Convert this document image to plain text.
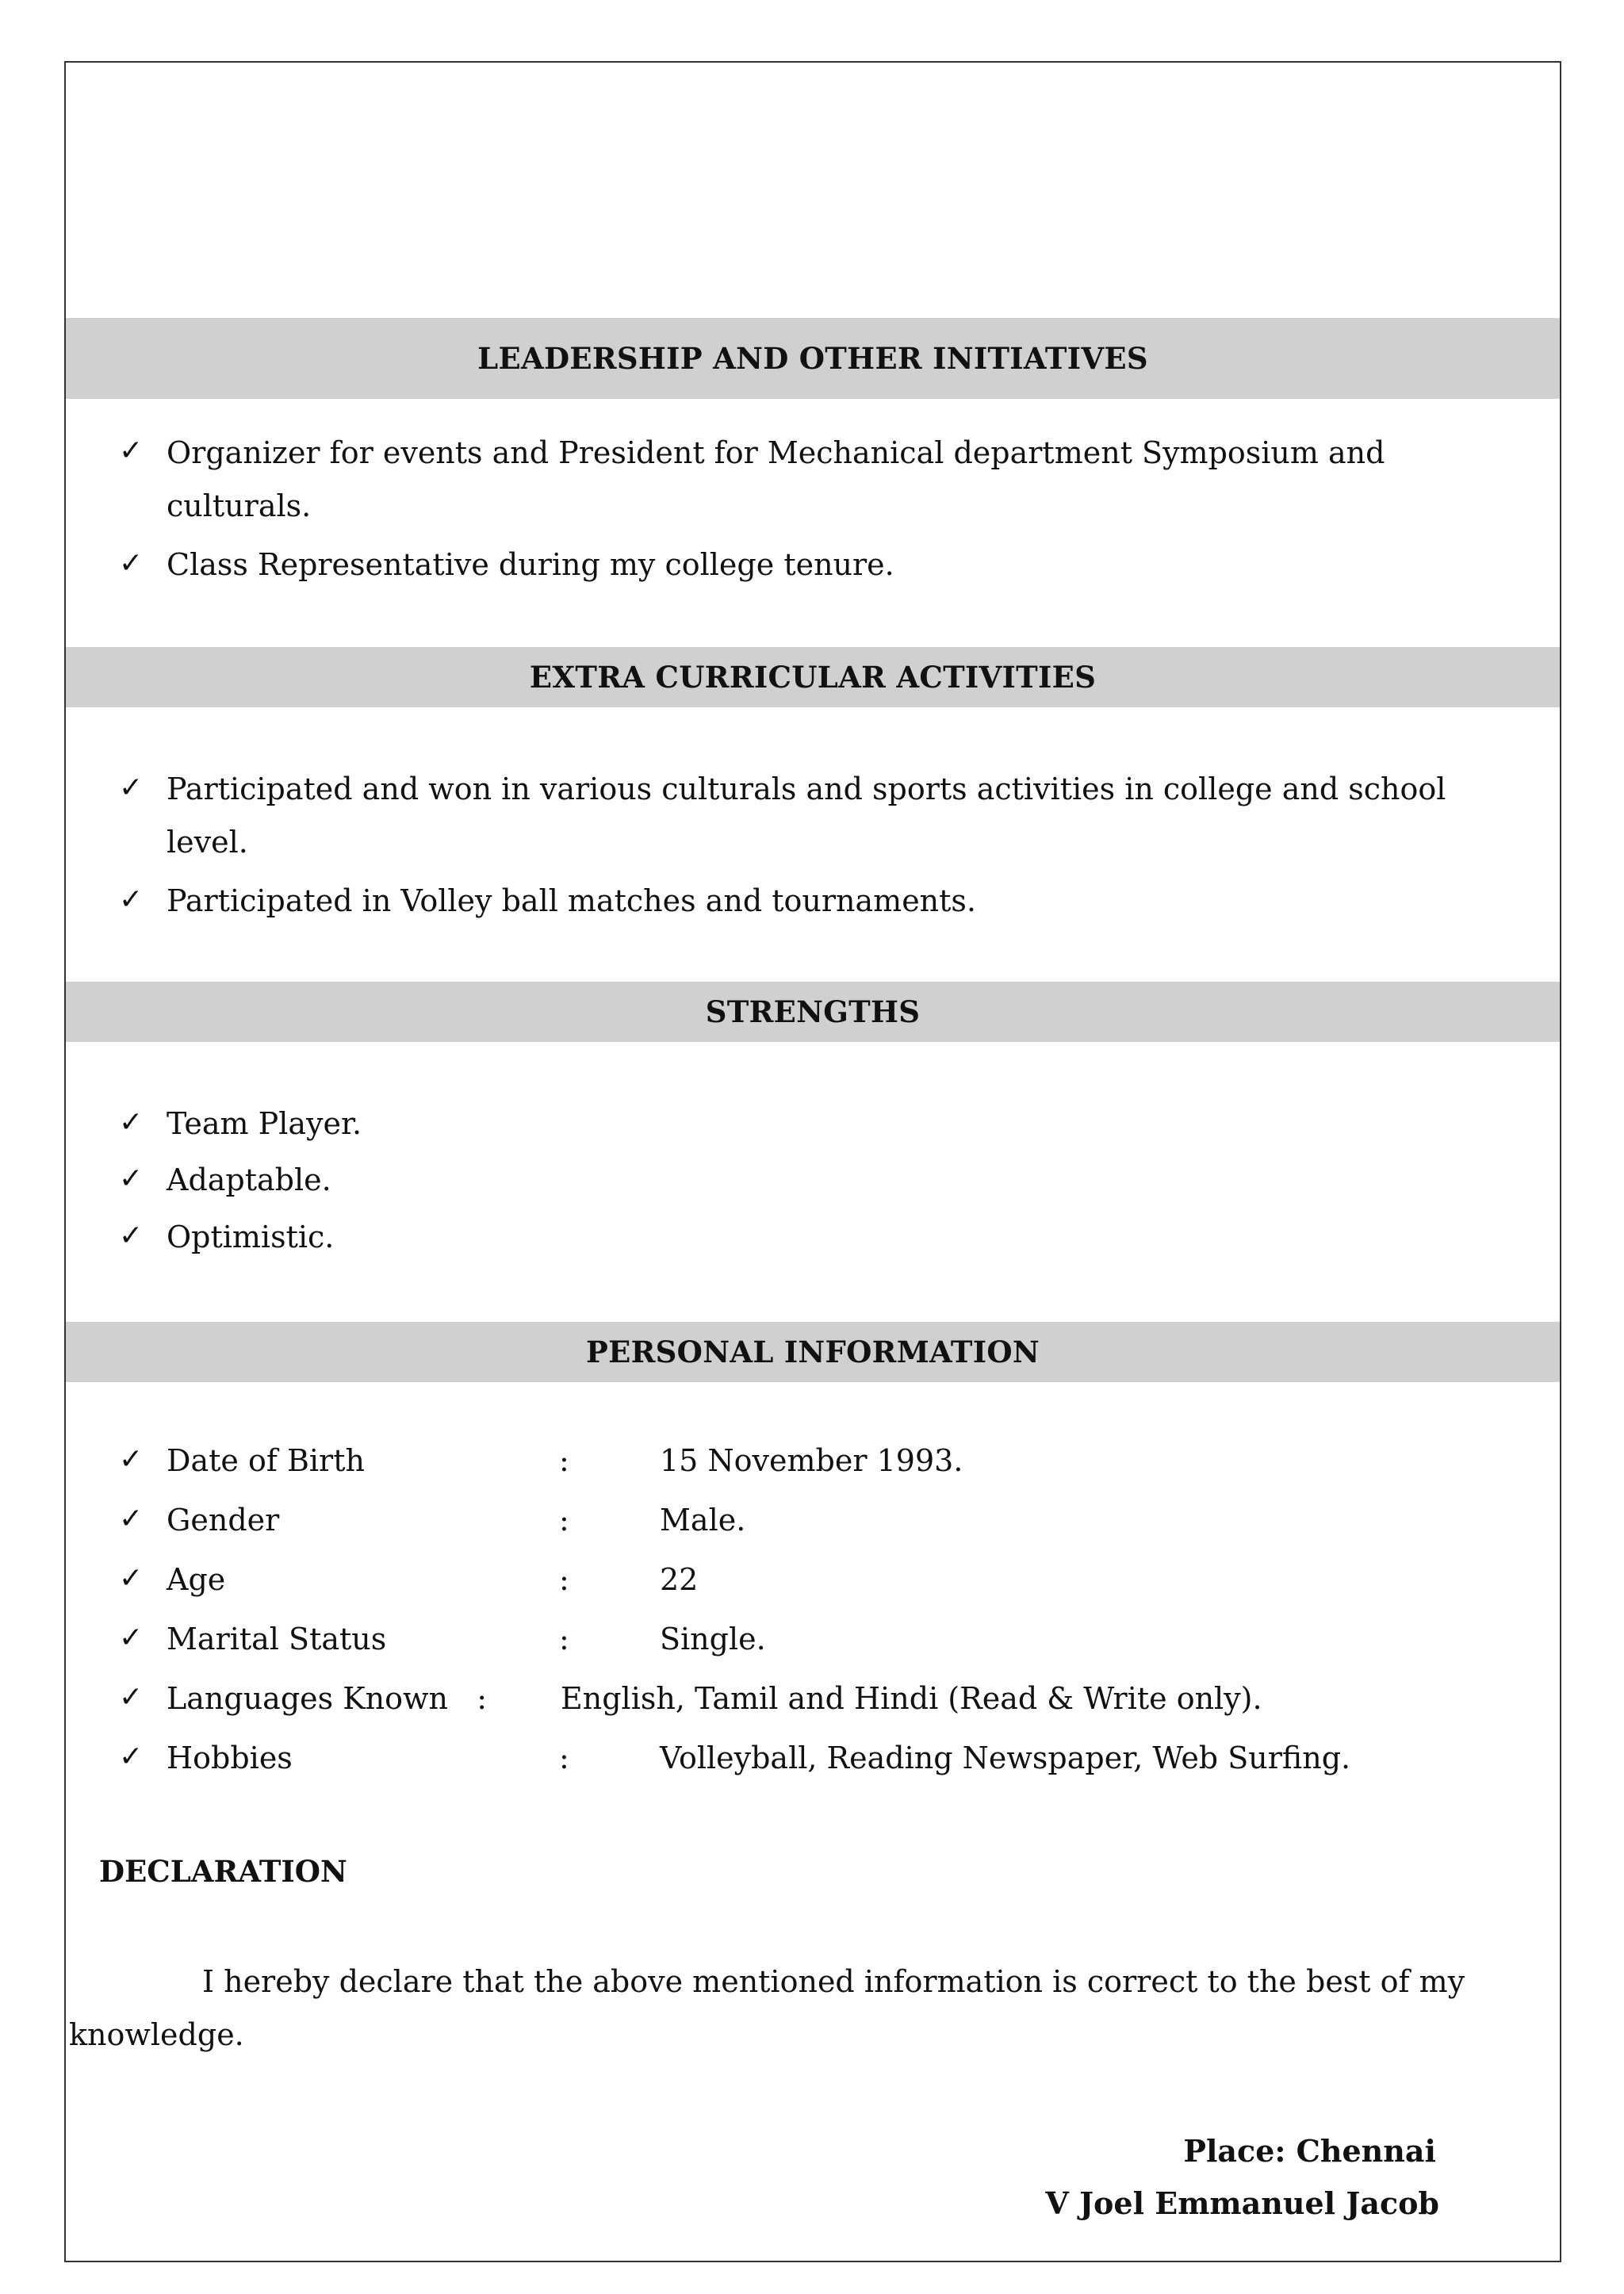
LEADERSHIP AND OTHER INITIATIVES
✓ Organizer for events and President for Mechanical department Symposium and
culturals.
✓ Class Representative during my college tenure.
EXTRA CURRICULAR ACTIVITIES
✓ Participated and won in various culturals and sports activities in college and school
level.
✓ Participated in Volley ball matches and tournaments.
STRENGTHS
✓ Team Player.
✓ Adaptable.
✓ Optimistic.
PERSONAL INFORMATION
✓ Date of Birth	:	15 November 1993.
✓ Gender	:	Male.
✓ Age	:	22
✓ Marital Status	:	Single.
✓ Languages Known   : English, Tamil and Hindi (Read & Write only).
✓ Hobbies	:	Volleyball, Reading Newspaper, Web Surfing.
DECLARATION
I hereby declare that the above mentioned information is correct to the best of my
knowledge.
Place: Chennai
V Joel Emmanuel Jacob
